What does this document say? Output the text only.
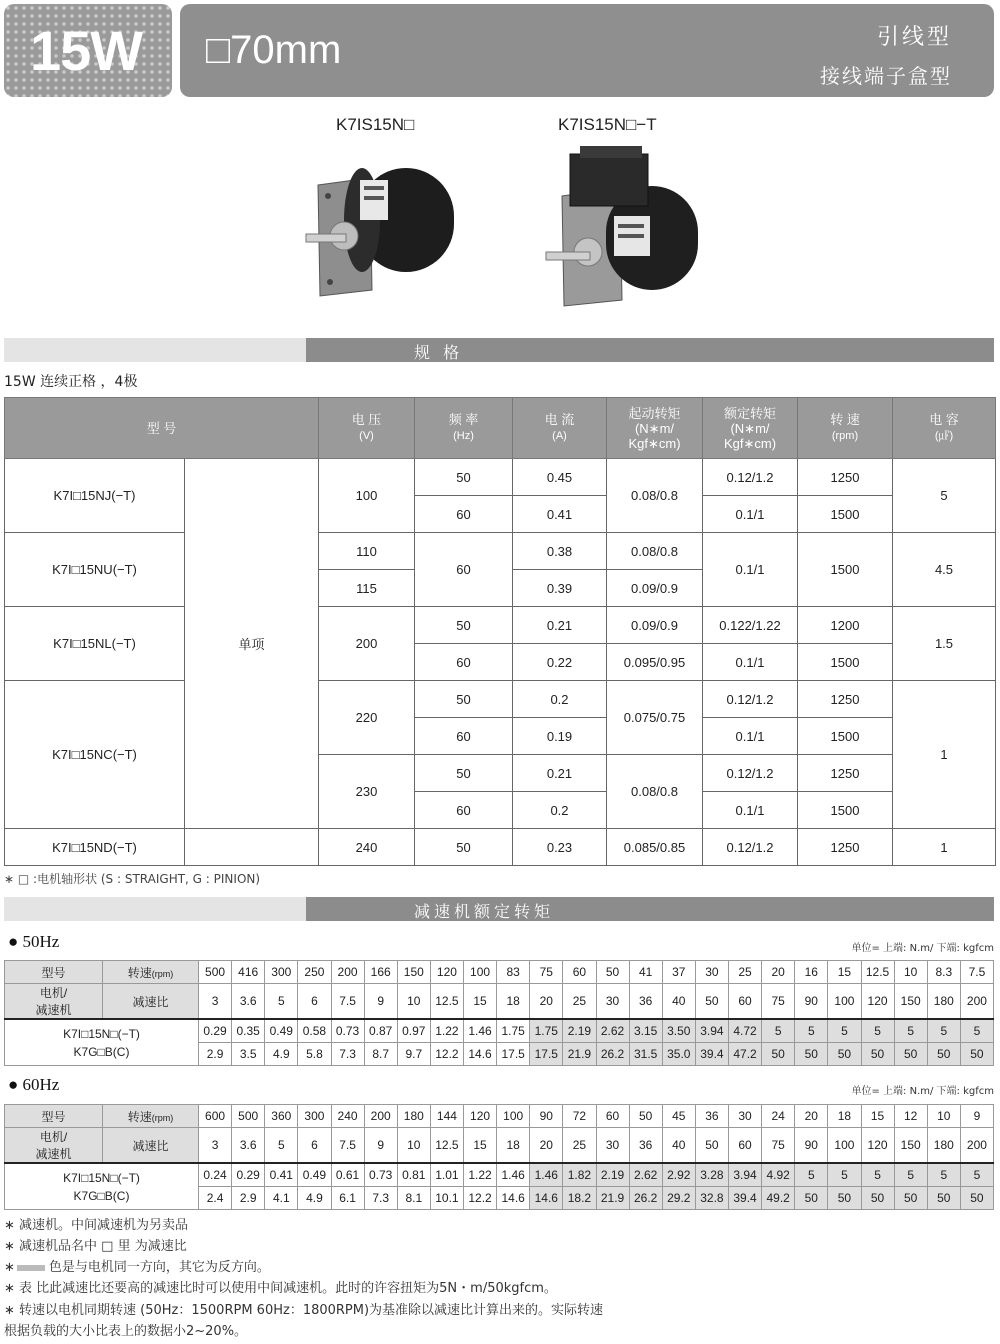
15W □70mm	引线型
接线端子盒型
K7IS15N□	K7IS15N□−T
规 格
15W 连续正格 ，4极
型 号		电 压
(V)	频 率
(Hz)	电 流
(A)	起动转矩
(N∗m/
Kgf∗cm)	额定转矩
(N∗m/
Kgf∗cm)	转 速
(rpm)	电 容
(㎌)
K7I□15NJ(−T)	单项	100	50	0.45	0.08/0.8	0.12/1.2	1250	5
			60	0.41		0.1/1	1500	
K7I□15NU(−T)		110	60	0.38	0.08/0.8	0.1/1	1500	4.5
		115		0.39	0.09/0.9			
K7I□15NL(−T)		200	50	0.21	0.09/0.9	0.122/1.22	1200	1.5
			60	0.22	0.095/0.95	0.1/1	1500	
K7I□15NC(−T)		220	50	0.2	0.075/0.75	0.12/1.2	1250	1
			60	0.19		0.1/1	1500	
		230	50	0.21	0.08/0.8	0.12/1.2	1250	
			60	0.2		0.1/1	1500	
K7I□15ND(−T)		240	50	0.23	0.085/0.85	0.12/1.2	1250	1
∗ □ :电机轴形状 (S : STRAIGHT, G : PINION)
减速机额定转矩
● 50Hz	单位= 上端: N.m/ 下端: kgfcm
型号	转速(rpm)	500	416	300	250	200	166	150	120	100	83	75	60	50	41	37	30	25	20	16	15	12.5	10	8.3	7.5
电机/
减速机	减速比	3	3.6	5	6	7.5	9	10	12.5	15	18	20	25	30	36	40	50	60	75	90	100	120	150	180	200
K7I□15N□(−T)
K7G□B(C)		0.29	0.35	0.49	0.58	0.73	0.87	0.97	1.22	1.46	1.75	1.75	2.19	2.62	3.15	3.50	3.94	4.72	5	5	5	5	5	5	5
		2.9	3.5	4.9	5.8	7.3	8.7	9.7	12.2	14.6	17.5	17.5	21.9	26.2	31.5	35.0	39.4	47.2	50	50	50	50	50	50	50
● 60Hz	单位= 上端: N.m/ 下端: kgfcm
型号	转速(rpm)	600	500	360	300	240	200	180	144	120	100	90	72	60	50	45	36	30	24	20	18	15	12	10	9
电机/
减速机	减速比	3	3.6	5	6	7.5	9	10	12.5	15	18	20	25	30	36	40	50	60	75	90	100	120	150	180	200
K7I□15N□(−T)
K7G□B(C)		0.24	0.29	0.41	0.49	0.61	0.73	0.81	1.01	1.22	1.46	1.46	1.82	2.19	2.62	2.92	3.28	3.94	4.92	5	5	5	5	5	5
		2.4	2.9	4.1	4.9	6.1	7.3	8.1	10.1	12.2	14.6	14.6	18.2	21.9	26.2	29.2	32.8	39.4	49.2	50	50	50	50	50	50
∗ 减速机。中间减速机为另卖品
∗ 减速机品名中 □ 里 为减速比
∗	色是与电机同一方向，其它为反方向。
∗ 表 比此减速比还要高的减速比时可以使用中间减速机。此时的许容扭矩为5N・m/50kgfcm。
∗ 转速以电机同期转速 (50Hz：1500RPM 60Hz：1800RPM)为基准除以减速比计算出来的。实际转速
根据负载的大小比表上的数据小2~20%。
